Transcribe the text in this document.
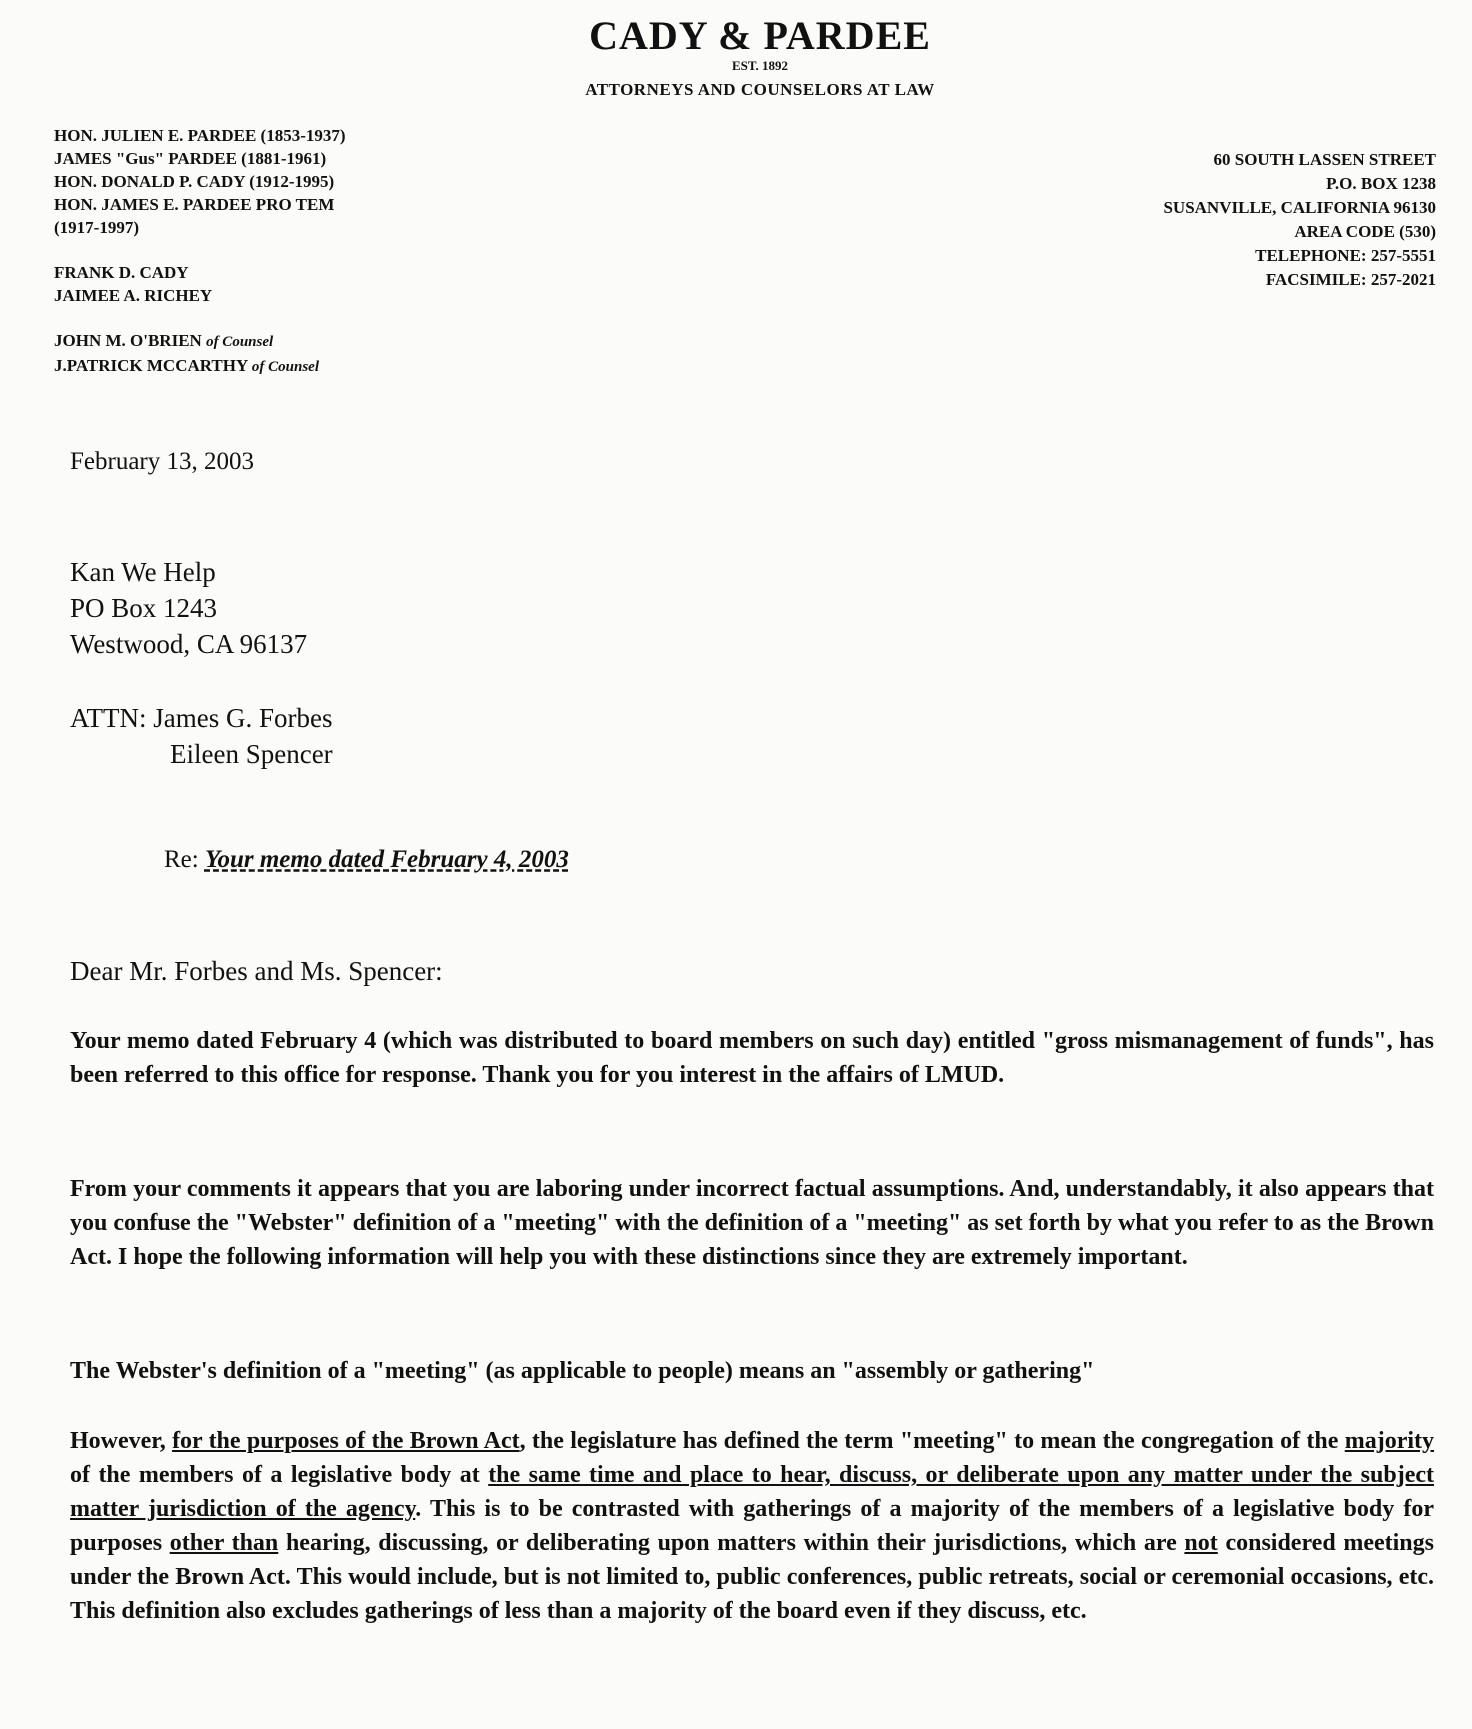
CADY & PARDEE
EST. 1892
ATTORNEYS AND COUNSELORS AT LAW
HON. JULIEN E. PARDEE (1853-1937)
JAMES "Gus" PARDEE (1881-1961)
HON. DONALD P. CADY (1912-1995)
HON. JAMES E. PARDEE PRO TEM
(1917-1997)
FRANK D. CADY
JAIMEE A. RICHEY
JOHN M. O'BRIEN of Counsel
J.PATRICK MCCARTHY of Counsel
60 SOUTH LASSEN STREET
P.O. BOX 1238
SUSANVILLE, CALIFORNIA 96130
AREA CODE (530)
TELEPHONE: 257-5551
FACSIMILE: 257-2021
February 13, 2003
Kan We Help
PO Box 1243
Westwood, CA 96137
ATTN: James G. Forbes
Eileen Spencer
Re: Your memo dated February 4, 2003
Dear Mr. Forbes and Ms. Spencer:
Your memo dated February 4 (which was distributed to board members on such day) entitled "gross mismanagement of funds", has been referred to this office for response. Thank you for you interest in the affairs of LMUD.
From your comments it appears that you are laboring under incorrect factual assumptions. And, understandably, it also appears that you confuse the "Webster" definition of a "meeting" with the definition of a "meeting" as set forth by what you refer to as the Brown Act. I hope the following information will help you with these distinctions since they are extremely important.
The Webster's definition of a "meeting" (as applicable to people) means an "assembly or gathering"
However, for the purposes of the Brown Act, the legislature has defined the term "meeting" to mean the congregation of the majority of the members of a legislative body at the same time and place to hear, discuss, or deliberate upon any matter under the subject matter jurisdiction of the agency. This is to be contrasted with gatherings of a majority of the members of a legislative body for purposes other than hearing, discussing, or deliberating upon matters within their jurisdictions, which are not considered meetings under the Brown Act. This would include, but is not limited to, public conferences, public retreats, social or ceremonial occasions, etc. This definition also excludes gatherings of less than a majority of the board even if they discuss, etc.
